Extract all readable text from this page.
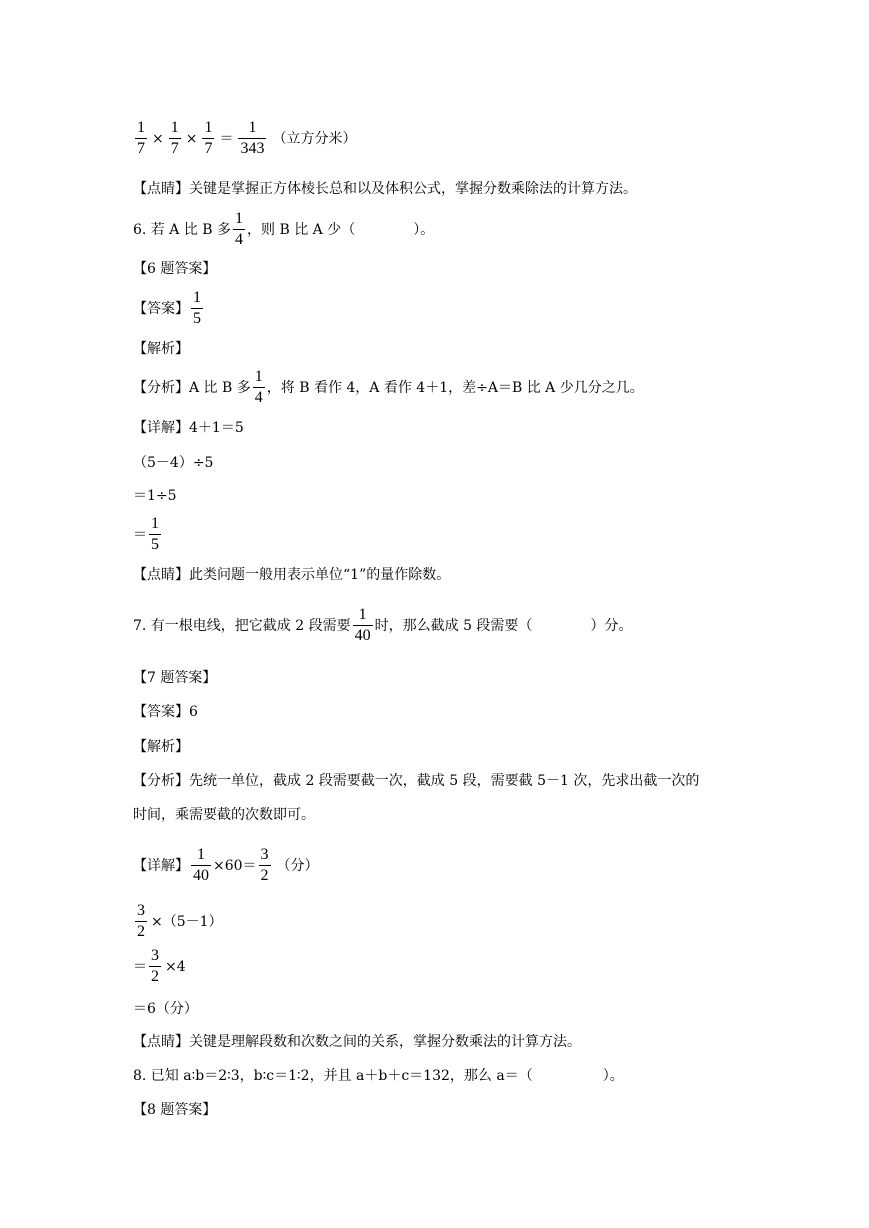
$\frac{1}{7} \times \frac{1}{7} \times \frac{1}{7} = \frac{1}{343}$ （立方分米）
【点睛】关键是掌握正方体棱长总和以及体积公式，掌握分数乘除法的计算方法。
6. 若 A 比 B 多 $\frac{1}{4}$ ，则 B 比 A 少（	）。
【6 题答案】
【答案】 $\frac{1}{5}$
【解析】
【分析】A 比 B 多 $\frac{1}{4}$ ，将 B 看作 4，A 看作 4＋1，差÷A＝B 比 A 少几分之几。
【详解】4＋1＝5
（5－4）÷5
＝1÷5
＝ $\frac{1}{5}$
【点睛】此类问题一般用表示单位“1”的量作除数。
7. 有一根电线，把它截成 2 段需要 $\frac{1}{40}$ 时，那么截成 5 段需要（	）分。
【7 题答案】
【答案】6
【解析】
【分析】先统一单位，截成 2 段需要截一次，截成 5 段，需要截 5－1 次，先求出截一次的
时间，乘需要截的次数即可。
【详解】 $\frac{1}{40} \times 60= \frac{3}{2}$ （分）
$\frac{3}{2} \times(5-1)$
＝ $\frac{3}{2} \times 4$
＝6（分）
【点睛】关键是理解段数和次数之间的关系，掌握分数乘法的计算方法。
8. 已知 a∶b＝2∶3，b∶c＝1∶2，并且 a＋b＋c＝132，那么 a＝（	）。
【8 题答案】
